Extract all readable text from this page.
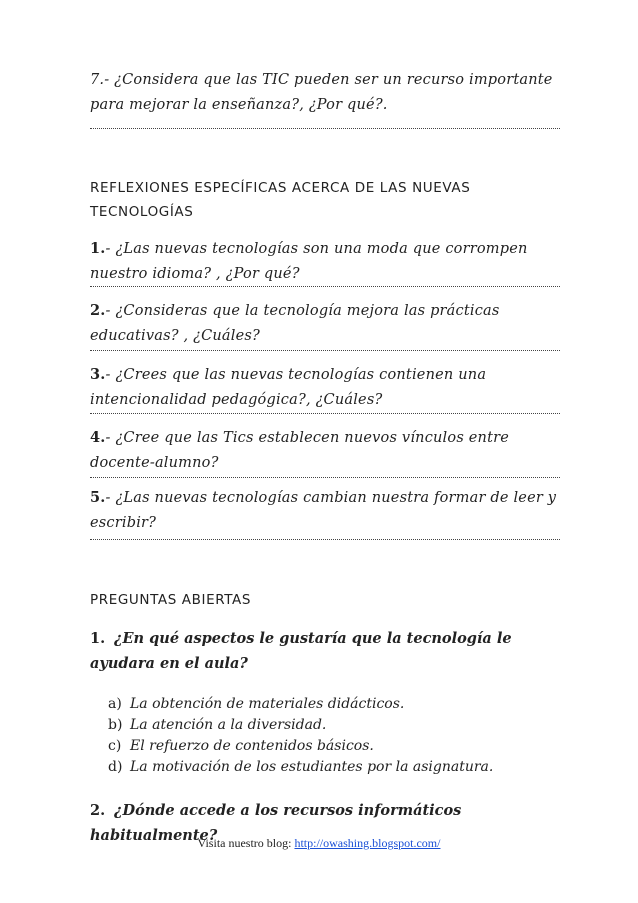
7.- ¿Considera que las TIC pueden ser un recurso importante para mejorar la enseñanza?, ¿Por qué?.
REFLEXIONES ESPECÍFICAS ACERCA DE LAS NUEVAS TECNOLOGÍAS
1.- ¿Las nuevas tecnologías son una moda que corrompen nuestro idioma? , ¿Por qué?
2.- ¿Consideras que la tecnología mejora las prácticas educativas? , ¿Cuáles?
3.- ¿Crees que las nuevas tecnologías contienen una intencionalidad pedagógica?, ¿Cuáles?
4.- ¿Cree que las Tics establecen nuevos vínculos entre docente-alumno?
5.- ¿Las nuevas tecnologías cambian nuestra formar de leer y escribir?
PREGUNTAS ABIERTAS
1. ¿En qué aspectos le gustaría que la tecnología le ayudara en el aula?
a) La obtención de materiales didácticos.
b) La atención a la diversidad.
c) El refuerzo de contenidos básicos.
d) La motivación de los estudiantes por la asignatura.
2. ¿Dónde accede a los recursos informáticos habitualmente?
Visita nuestro blog: http://owashing.blogspot.com/
